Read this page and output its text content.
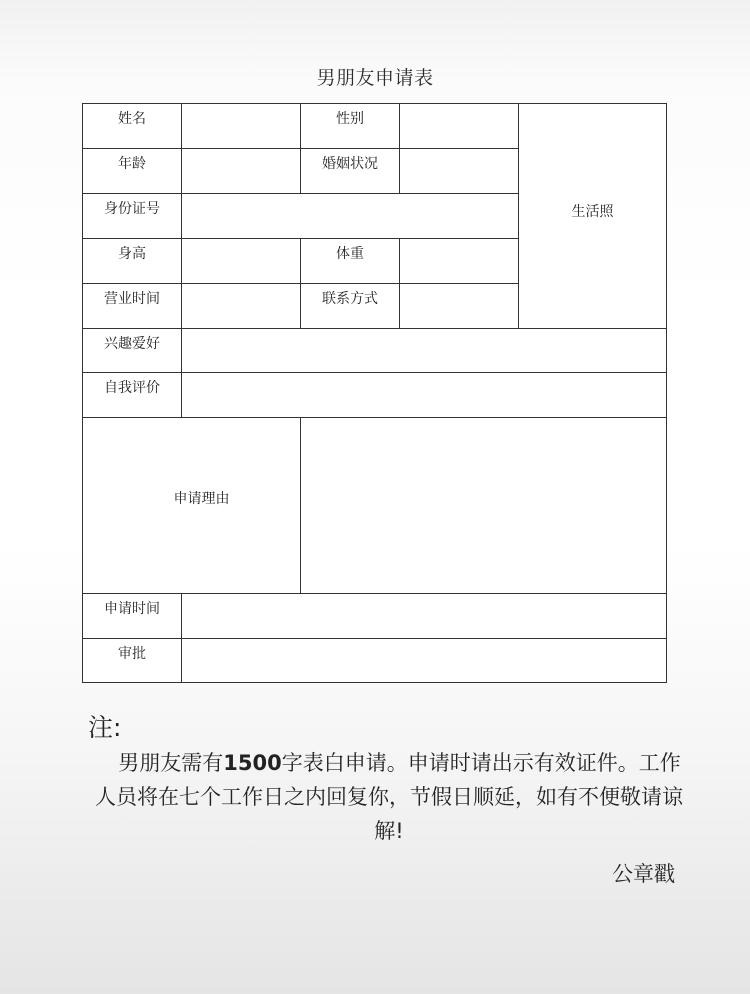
男朋友申请表
姓名		性别		生活照

年龄		婚姻状况		

身份证号				

身高		体重		

营业时间		联系方式		

兴趣爱好				

自我评价				

申请理由				

申请时间				

审批				

注:
　男朋友需有1500字表白申请。申请时请出示有效证件。工作人员将在七个工作日之内回复你，节假日顺延，如有不便敬请谅解!
公章戳
